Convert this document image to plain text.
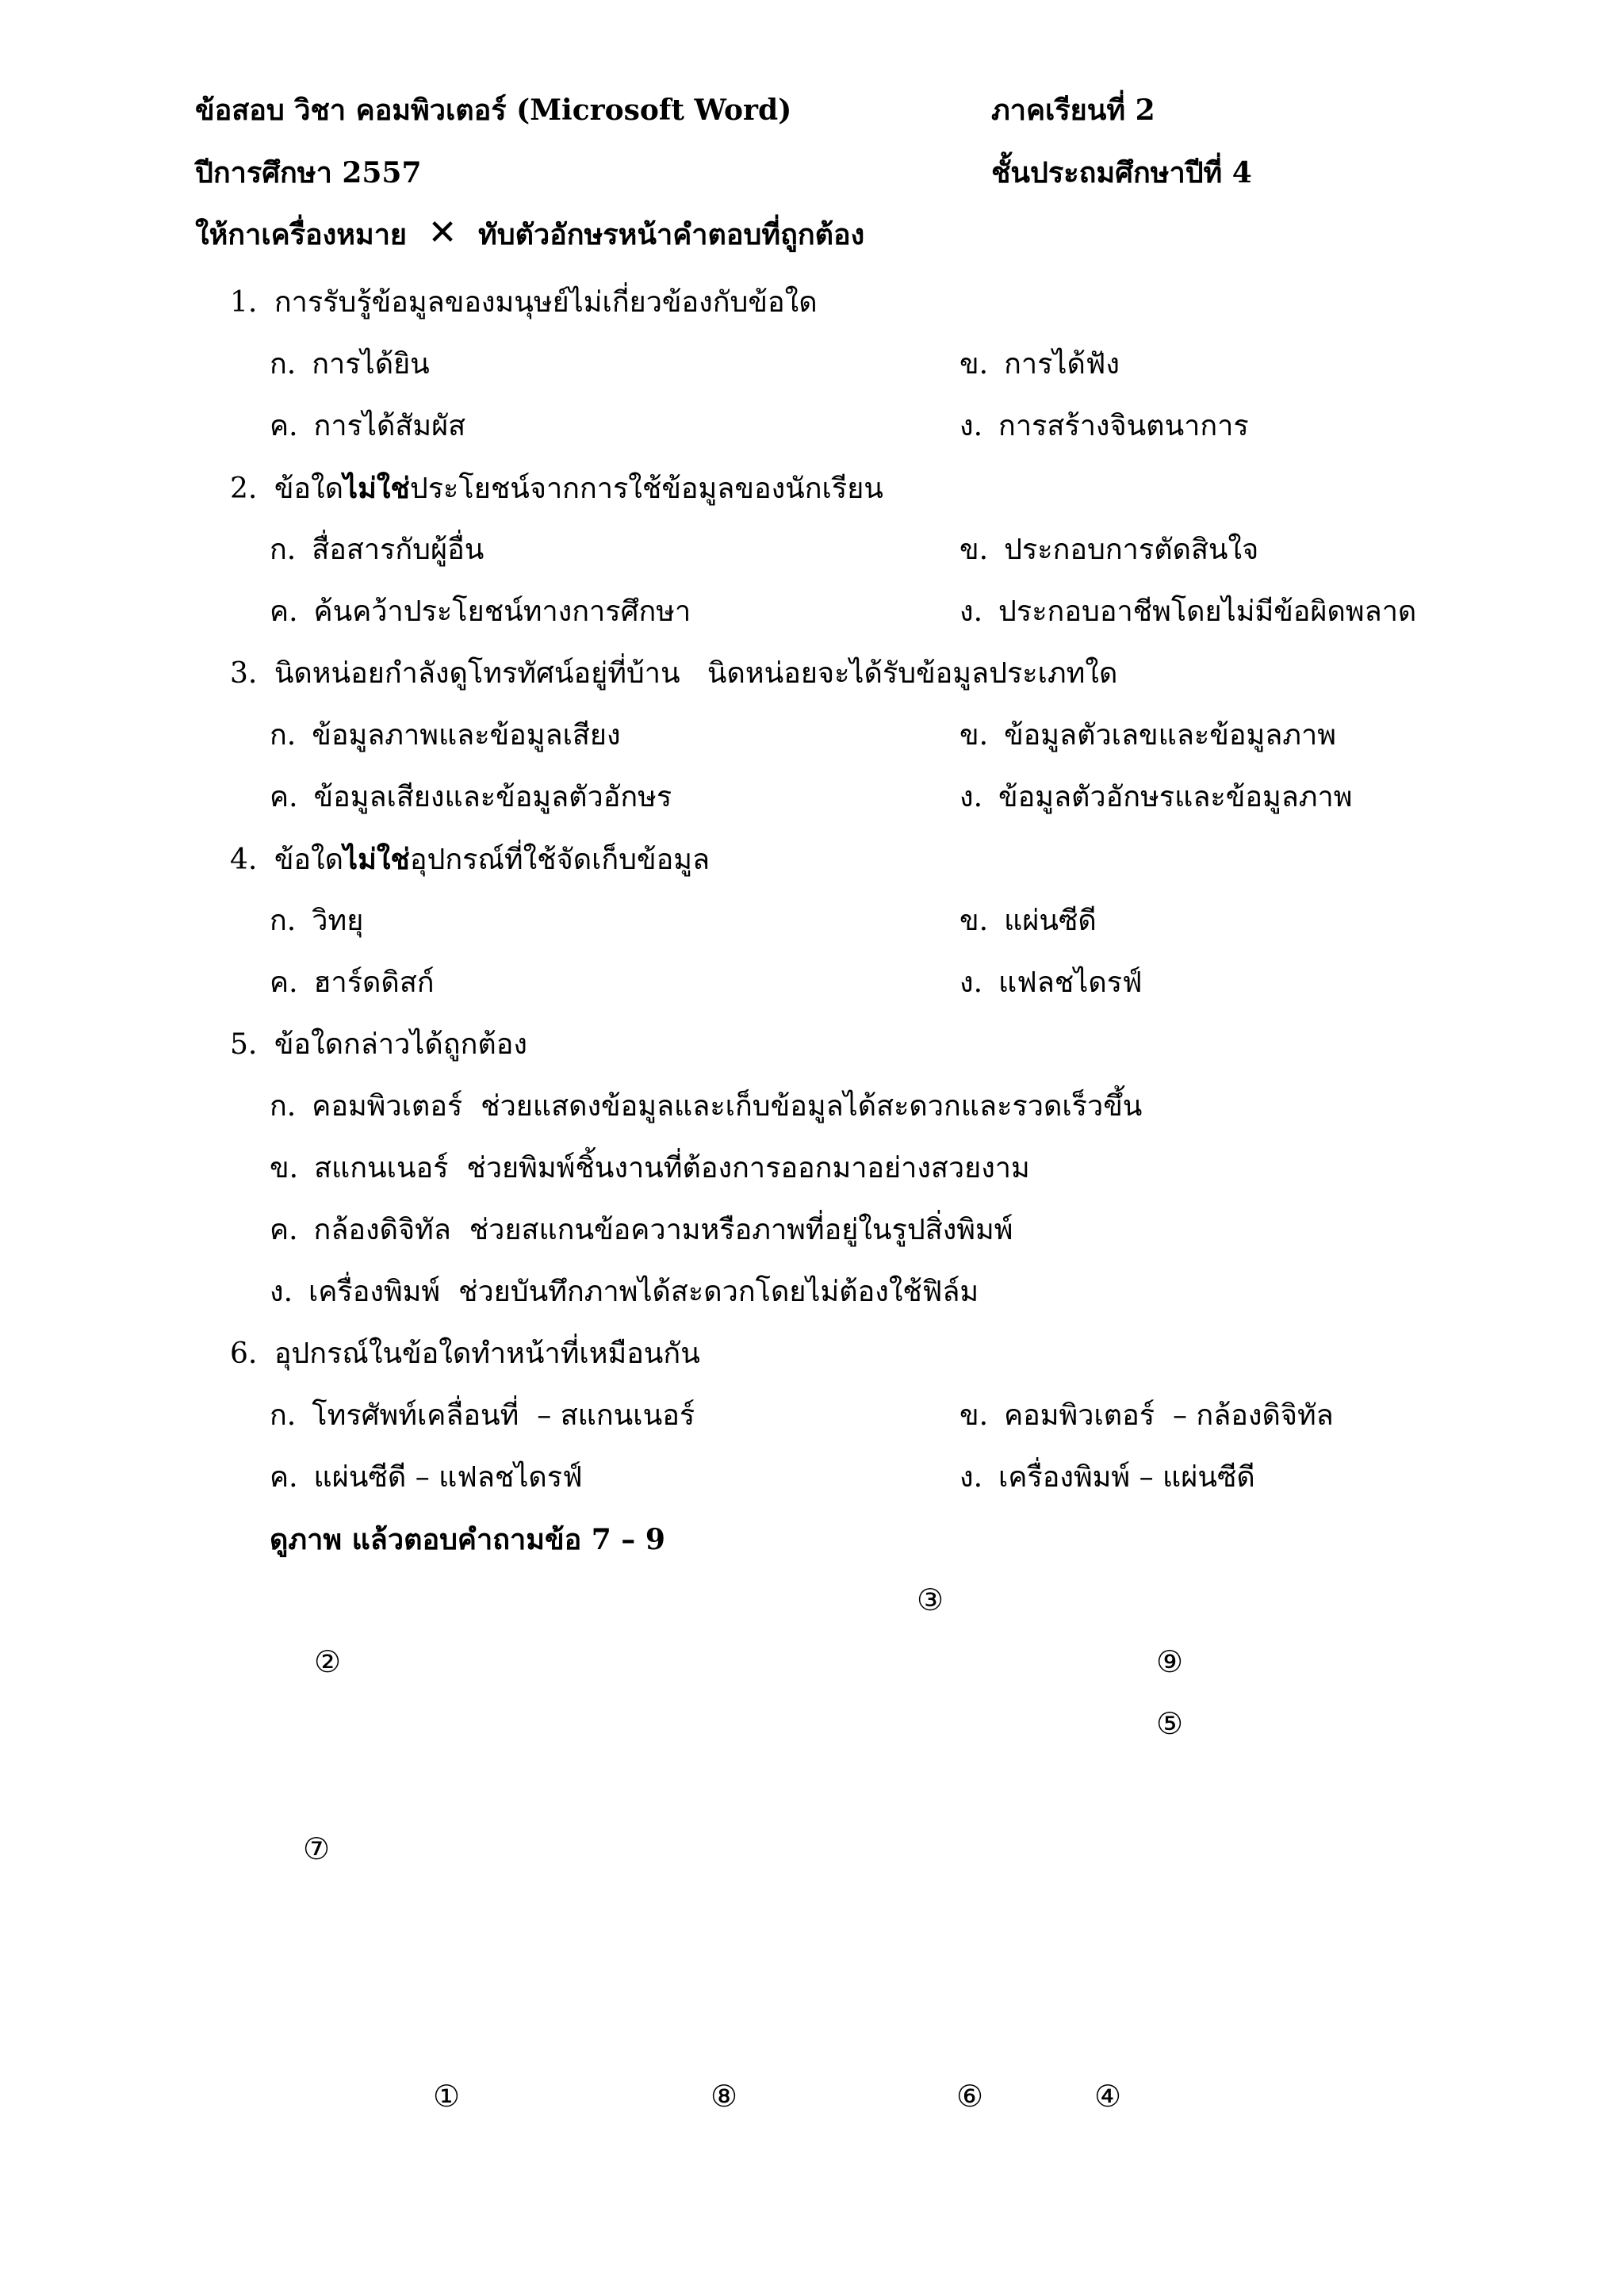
ข้อสอบ วิชา คอมพิวเตอร์ (Microsoft Word)	ภาคเรียนที่ 2
ปีการศึกษา 2557	ชั้นประถมศึกษาปีที่ 4
ให้กาเครื่องหมาย ✕ ทับตัวอักษรหน้าคำตอบที่ถูกต้อง
1. การรับรู้ข้อมูลของมนุษย์ไม่เกี่ยวข้องกับข้อใด
ก. การได้ยิน	ข. การได้ฟัง
ค. การได้สัมผัส	ง. การสร้างจินตนาการ
2. ข้อใดไม่ใช่ประโยชน์จากการใช้ข้อมูลของนักเรียน
ก. สื่อสารกับผู้อื่น	ข. ประกอบการตัดสินใจ
ค. ค้นคว้าประโยชน์ทางการศึกษา	ง. ประกอบอาชีพโดยไม่มีข้อผิดพลาด
3. นิดหน่อยกำลังดูโทรทัศน์อยู่ที่บ้าน   นิดหน่อยจะได้รับข้อมูลประเภทใด
ก. ข้อมูลภาพและข้อมูลเสียง	ข. ข้อมูลตัวเลขและข้อมูลภาพ
ค. ข้อมูลเสียงและข้อมูลตัวอักษร	ง. ข้อมูลตัวอักษรและข้อมูลภาพ
4. ข้อใดไม่ใช่อุปกรณ์ที่ใช้จัดเก็บข้อมูล
ก. วิทยุ	ข. แผ่นซีดี
ค. ฮาร์ดดิสก์	ง. แฟลชไดรฟ์
5. ข้อใดกล่าวได้ถูกต้อง
ก. คอมพิวเตอร์  ช่วยแสดงข้อมูลและเก็บข้อมูลได้สะดวกและรวดเร็วขึ้น
ข. สแกนเนอร์  ช่วยพิมพ์ชิ้นงานที่ต้องการออกมาอย่างสวยงาม
ค. กล้องดิจิทัล  ช่วยสแกนข้อความหรือภาพที่อยู่ในรูปสิ่งพิมพ์
ง. เครื่องพิมพ์  ช่วยบันทึกภาพได้สะดวกโดยไม่ต้องใช้ฟิล์ม
6. อุปกรณ์ในข้อใดทำหน้าที่เหมือนกัน
ก. โทรศัพท์เคลื่อนที่  – สแกนเนอร์	ข. คอมพิวเตอร์  – กล้องดิจิทัล
ค. แผ่นซีดี – แฟลชไดรฟ์	ง. เครื่องพิมพ์ – แผ่นซีดี
ดูภาพ แล้วตอบคำถามข้อ 7 – 9
③
②	⑨
⑤
⑦
①	⑧	⑥	④
